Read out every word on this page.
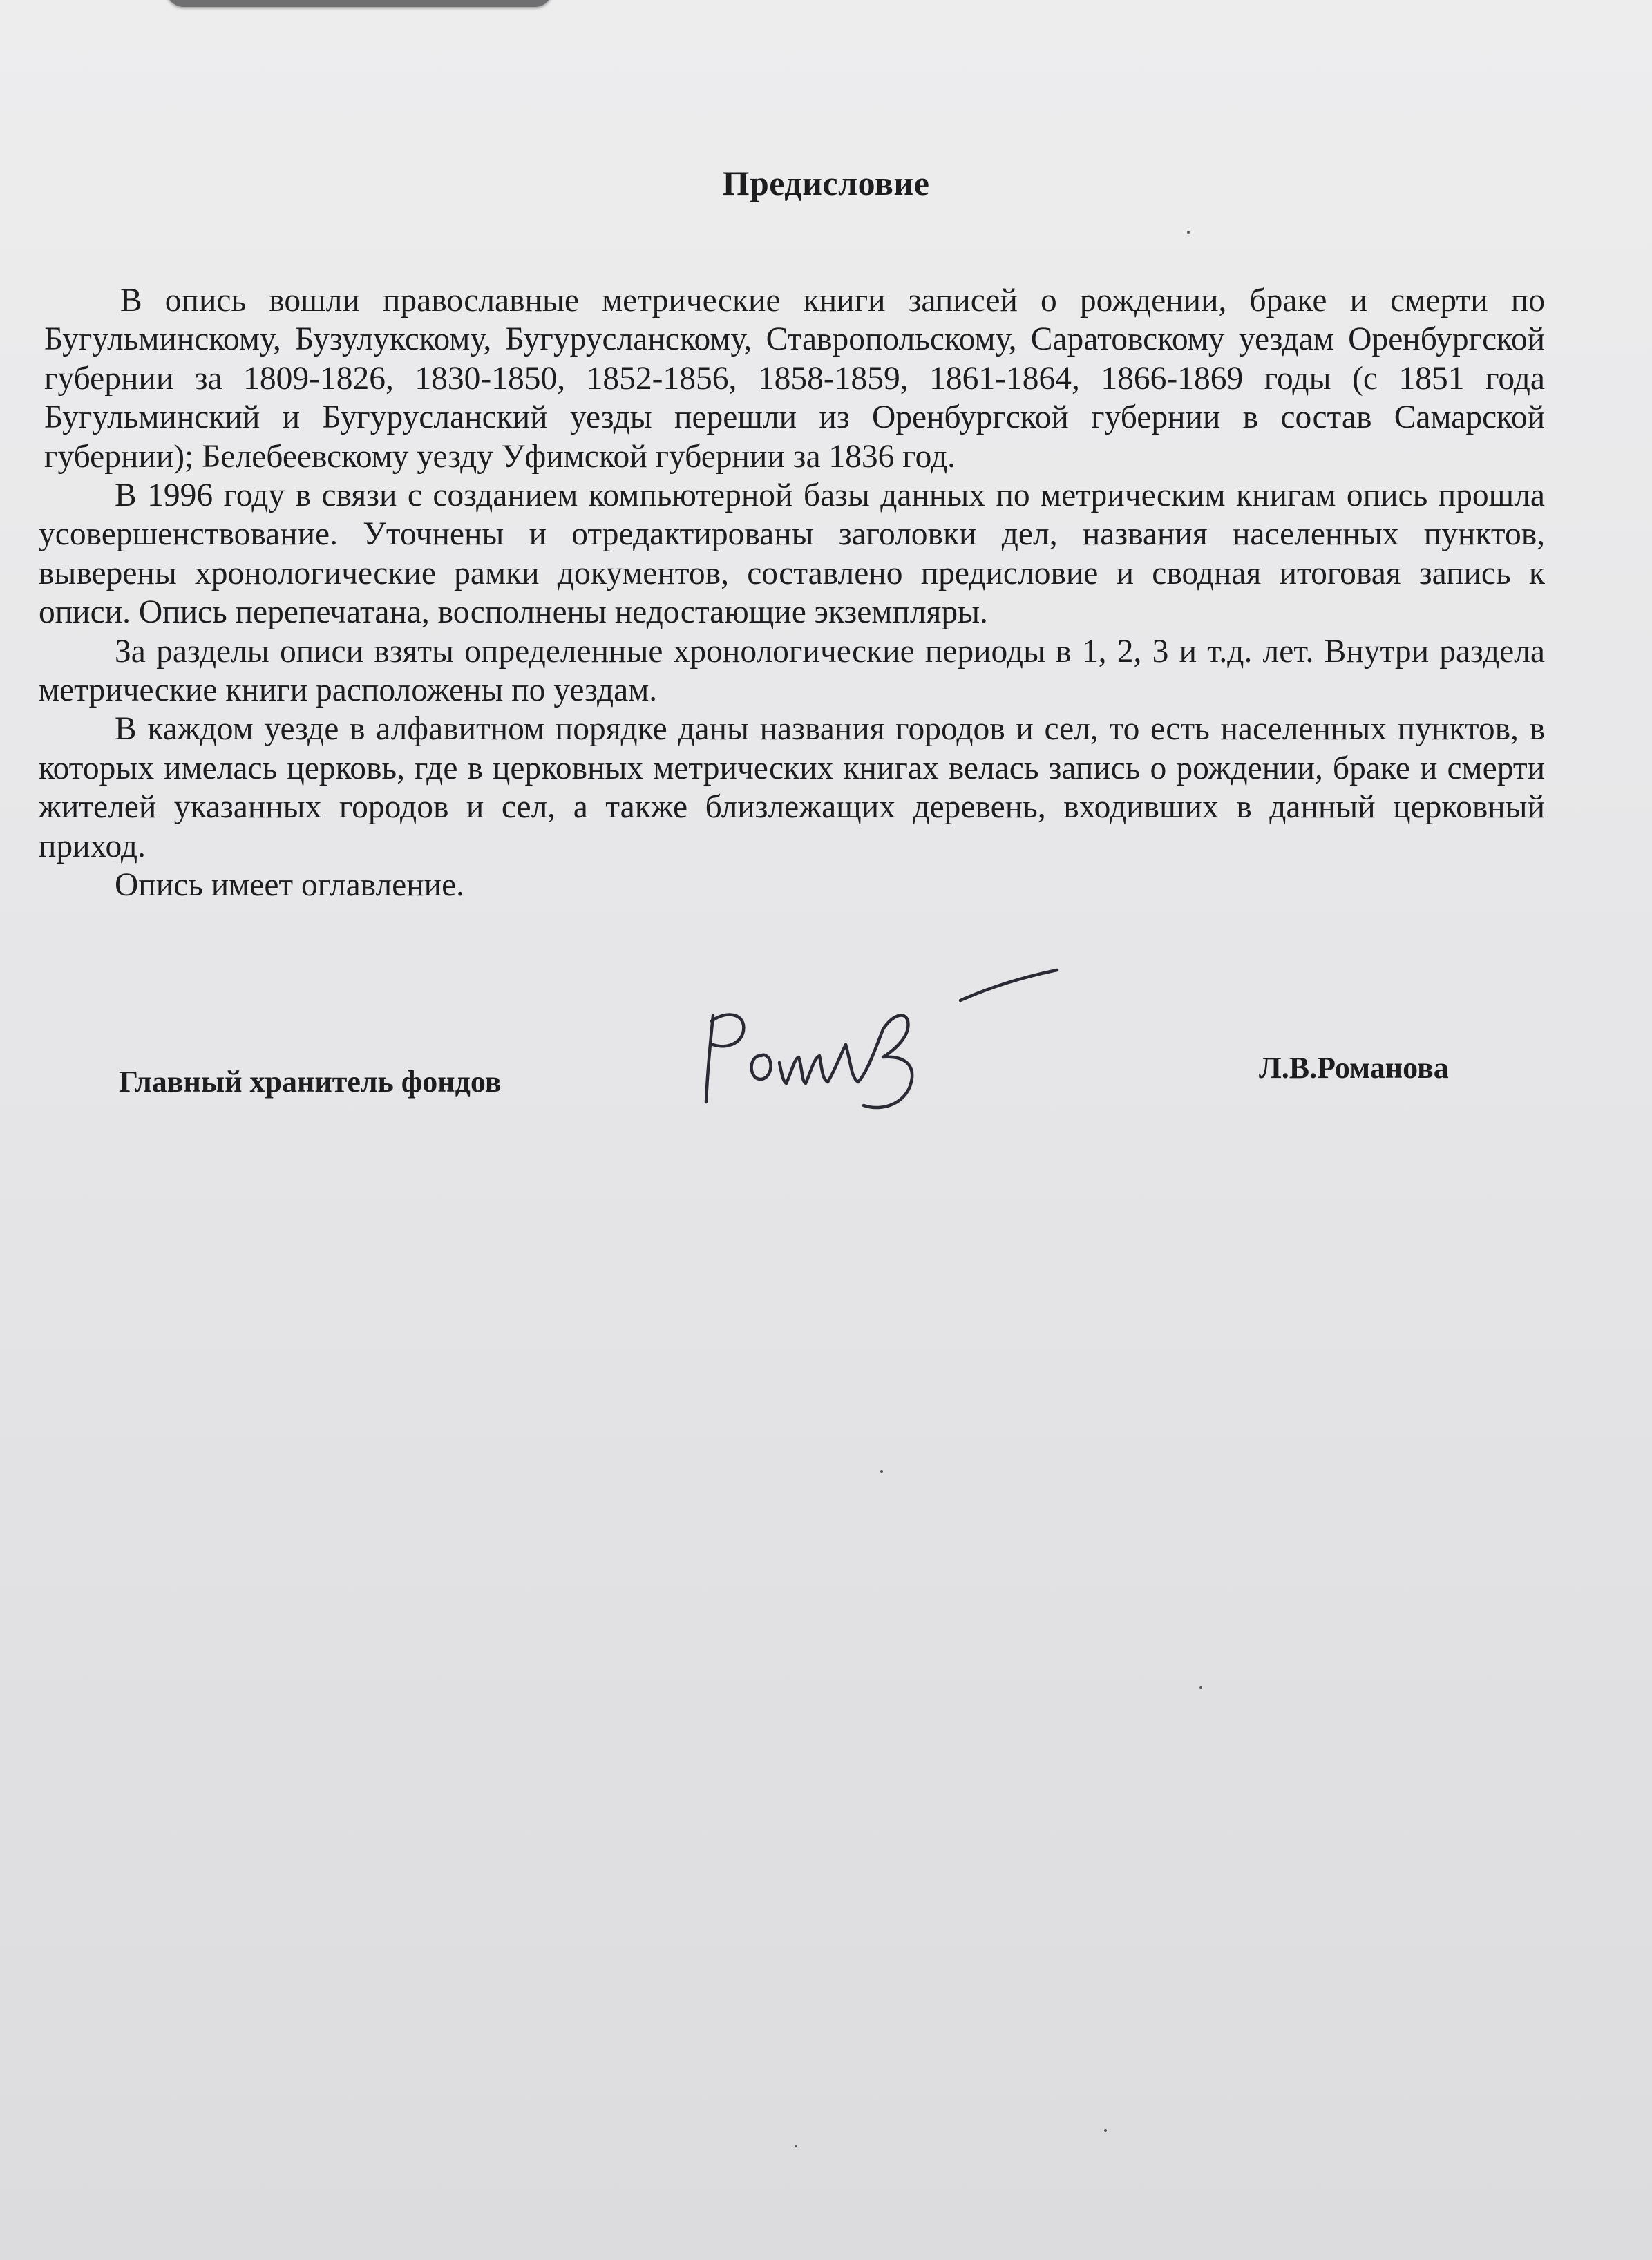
Предисловие

В опись вошли православные метрические книги записей о рождении, браке и смерти по Бугульминскому, Бузулукскому, Бугурусланскому, Ставропольскому, Саратовскому уездам Оренбургской губернии за 1809-1826, 1830-1850, 1852-1856, 1858-1859, 1861-1864, 1866-1869 годы (с 1851 года Бугульминский и Бугурусланский уезды перешли из Оренбургской губернии в состав Самарской губернии); Белебеевскому уезду Уфимской губернии за 1836 год.

В 1996 году в связи с созданием компьютерной базы данных по метрическим книгам опись прошла усовершенствование. Уточнены и отредактированы заголовки дел, названия населенных пунктов, выверены хронологические рамки документов, составлено предисловие и сводная итоговая запись к описи. Опись перепечатана, восполнены недостающие экземпляры.

За разделы описи взяты определенные хронологические периоды в 1, 2, 3 и т.д. лет. Внутри раздела метрические книги расположены по уездам.

В каждом уезде в алфавитном порядке даны названия городов и сел, то есть населенных пунктов, в которых имелась церковь, где в церковных метрических книгах велась запись о рождении, браке и смерти жителей указанных городов и сел, а также близлежащих деревень, входивших в данный церковный приход.

Опись имеет оглавление.

Главный хранитель фондов	Л.В.Романова
